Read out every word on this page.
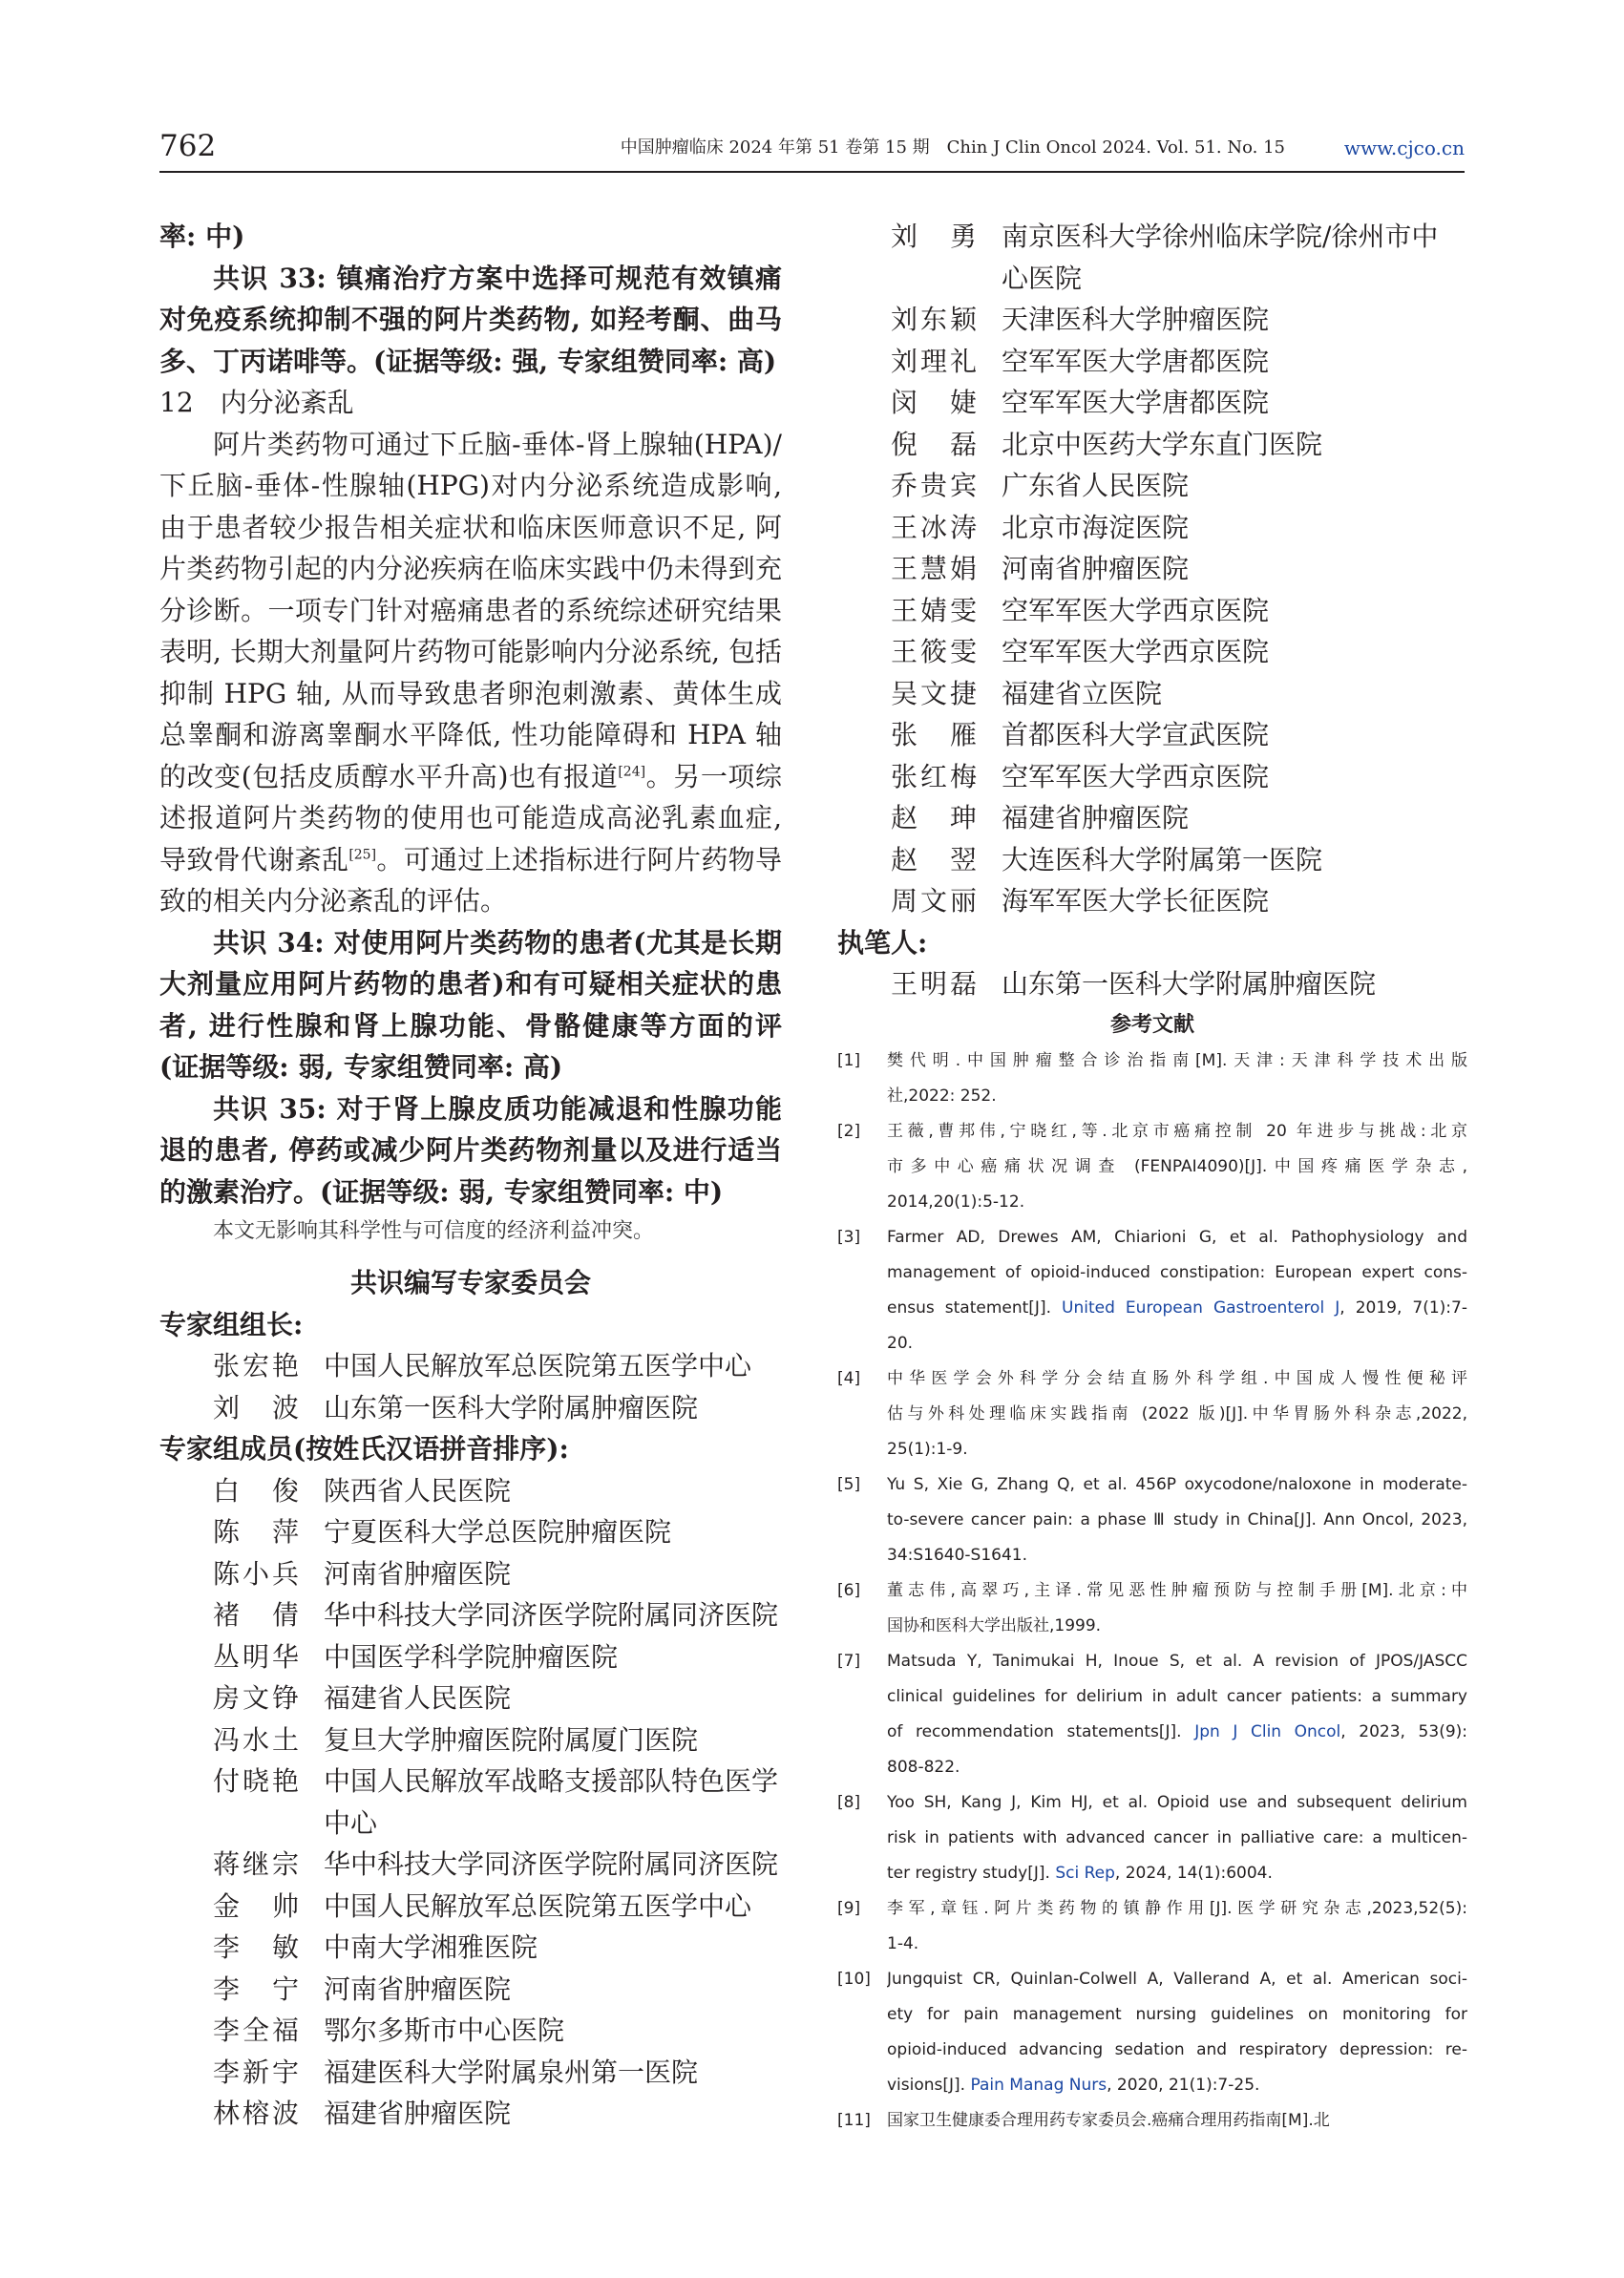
762	中国肿瘤临床 2024 年第 51 卷第 15 期　Chin J Clin Oncol 2024. Vol. 51. No. 15	www.cjco.cn
率: 中)
共识 33: 镇痛治疗方案中选择可规范有效镇痛
对免疫系统抑制不强的阿片类药物, 如羟考酮、曲马
多、丁丙诺啡等。(证据等级: 强, 专家组赞同率: 高)
12　内分泌紊乱
阿片类药物可通过下丘脑-垂体-肾上腺轴(HPA)/
下丘脑-垂体-性腺轴(HPG)对内分泌系统造成影响,
由于患者较少报告相关症状和临床医师意识不足, 阿
片类药物引起的内分泌疾病在临床实践中仍未得到充
分诊断。一项专门针对癌痛患者的系统综述研究结果
表明, 长期大剂量阿片药物可能影响内分泌系统, 包括
抑制 HPG 轴, 从而导致患者卵泡刺激素、黄体生成
总睾酮和游离睾酮水平降低, 性功能障碍和 HPA 轴
的改变(包括皮质醇水平升高)也有报道[24]。另一项综
述报道阿片类药物的使用也可能造成高泌乳素血症,
导致骨代谢紊乱[25]。可通过上述指标进行阿片药物导
致的相关内分泌紊乱的评估。
共识 34: 对使用阿片类药物的患者(尤其是长期
大剂量应用阿片药物的患者)和有可疑相关症状的患
者, 进行性腺和肾上腺功能、骨骼健康等方面的评
(证据等级: 弱, 专家组赞同率: 高)
共识 35: 对于肾上腺皮质功能减退和性腺功能
退的患者, 停药或减少阿片类药物剂量以及进行适当
的激素治疗。(证据等级: 弱, 专家组赞同率: 中)
本文无影响其科学性与可信度的经济利益冲突。
共识编写专家委员会
专家组组长:
张宏艳 中国人民解放军总医院第五医学中心
刘波 山东第一医科大学附属肿瘤医院
专家组成员(按姓氏汉语拼音排序):
白俊 陕西省人民医院
陈萍 宁夏医科大学总医院肿瘤医院
陈小兵 河南省肿瘤医院
褚倩 华中科技大学同济医学院附属同济医院
丛明华 中国医学科学院肿瘤医院
房文铮 福建省人民医院
冯水土 复旦大学肿瘤医院附属厦门医院
付晓艳 中国人民解放军战略支援部队特色医学
中心
蒋继宗 华中科技大学同济医学院附属同济医院
金帅 中国人民解放军总医院第五医学中心
李敏 中南大学湘雅医院
李宁 河南省肿瘤医院
李全福 鄂尔多斯市中心医院
李新宇 福建医科大学附属泉州第一医院
林榕波 福建省肿瘤医院
刘勇 南京医科大学徐州临床学院/徐州市中
心医院
刘东颖 天津医科大学肿瘤医院
刘理礼 空军军医大学唐都医院
闵婕 空军军医大学唐都医院
倪磊 北京中医药大学东直门医院
乔贵宾 广东省人民医院
王冰涛 北京市海淀医院
王慧娟 河南省肿瘤医院
王婧雯 空军军医大学西京医院
王筱雯 空军军医大学西京医院
吴文捷 福建省立医院
张雁 首都医科大学宣武医院
张红梅 空军军医大学西京医院
赵珅 福建省肿瘤医院
赵翌 大连医科大学附属第一医院
周文丽 海军军医大学长征医院
执笔人:
王明磊 山东第一医科大学附属肿瘤医院
参考文献
[1] 樊代明.中国肿瘤整合诊治指南[M].天津:天津科学技术出版
社,2022: 252.
[2] 王薇,曹邦伟,宁晓红,等.北京市癌痛控制 20 年进步与挑战:北京
市多中心癌痛状况调查 (FENPAI4090)[J].中国疼痛医学杂志,
2014,20(1):5-12.
[3] Farmer AD, Drewes AM, Chiarioni G, et al. Pathophysiology and
management of opioid-induced constipation: European expert cons-
ensus statement[J]. United European Gastroenterol J, 2019, 7(1):7-
20.
[4] 中华医学会外科学分会结直肠外科学组.中国成人慢性便秘评
估与外科处理临床实践指南 (2022 版)[J].中华胃肠外科杂志,2022,
25(1):1-9.
[5] Yu S, Xie G, Zhang Q, et al. 456P oxycodone/naloxone in moderate-
to-severe cancer pain: a phase Ⅲ study in China[J]. Ann Oncol, 2023,
34:S1640-S1641.
[6] 董志伟,高翠巧,主译.常见恶性肿瘤预防与控制手册[M].北京:中
国协和医科大学出版社,1999.
[7] Matsuda Y, Tanimukai H, Inoue S, et al. A revision of JPOS/JASCC
clinical guidelines for delirium in adult cancer patients: a summary
of recommendation statements[J]. Jpn J Clin Oncol, 2023, 53(9):
808-822.
[8] Yoo SH, Kang J, Kim HJ, et al. Opioid use and subsequent delirium
risk in patients with advanced cancer in palliative care: a multicen-
ter registry study[J]. Sci Rep, 2024, 14(1):6004.
[9] 李军,章钰.阿片类药物的镇静作用[J].医学研究杂志,2023,52(5):
1-4.
[10] Jungquist CR, Quinlan-Colwell A, Vallerand A, et al. American soci-
ety for pain management nursing guidelines on monitoring for
opioid-induced advancing sedation and respiratory depression: re-
visions[J]. Pain Manag Nurs, 2020, 21(1):7-25.
[11] 国家卫生健康委合理用药专家委员会.癌痛合理用药指南[M].北
